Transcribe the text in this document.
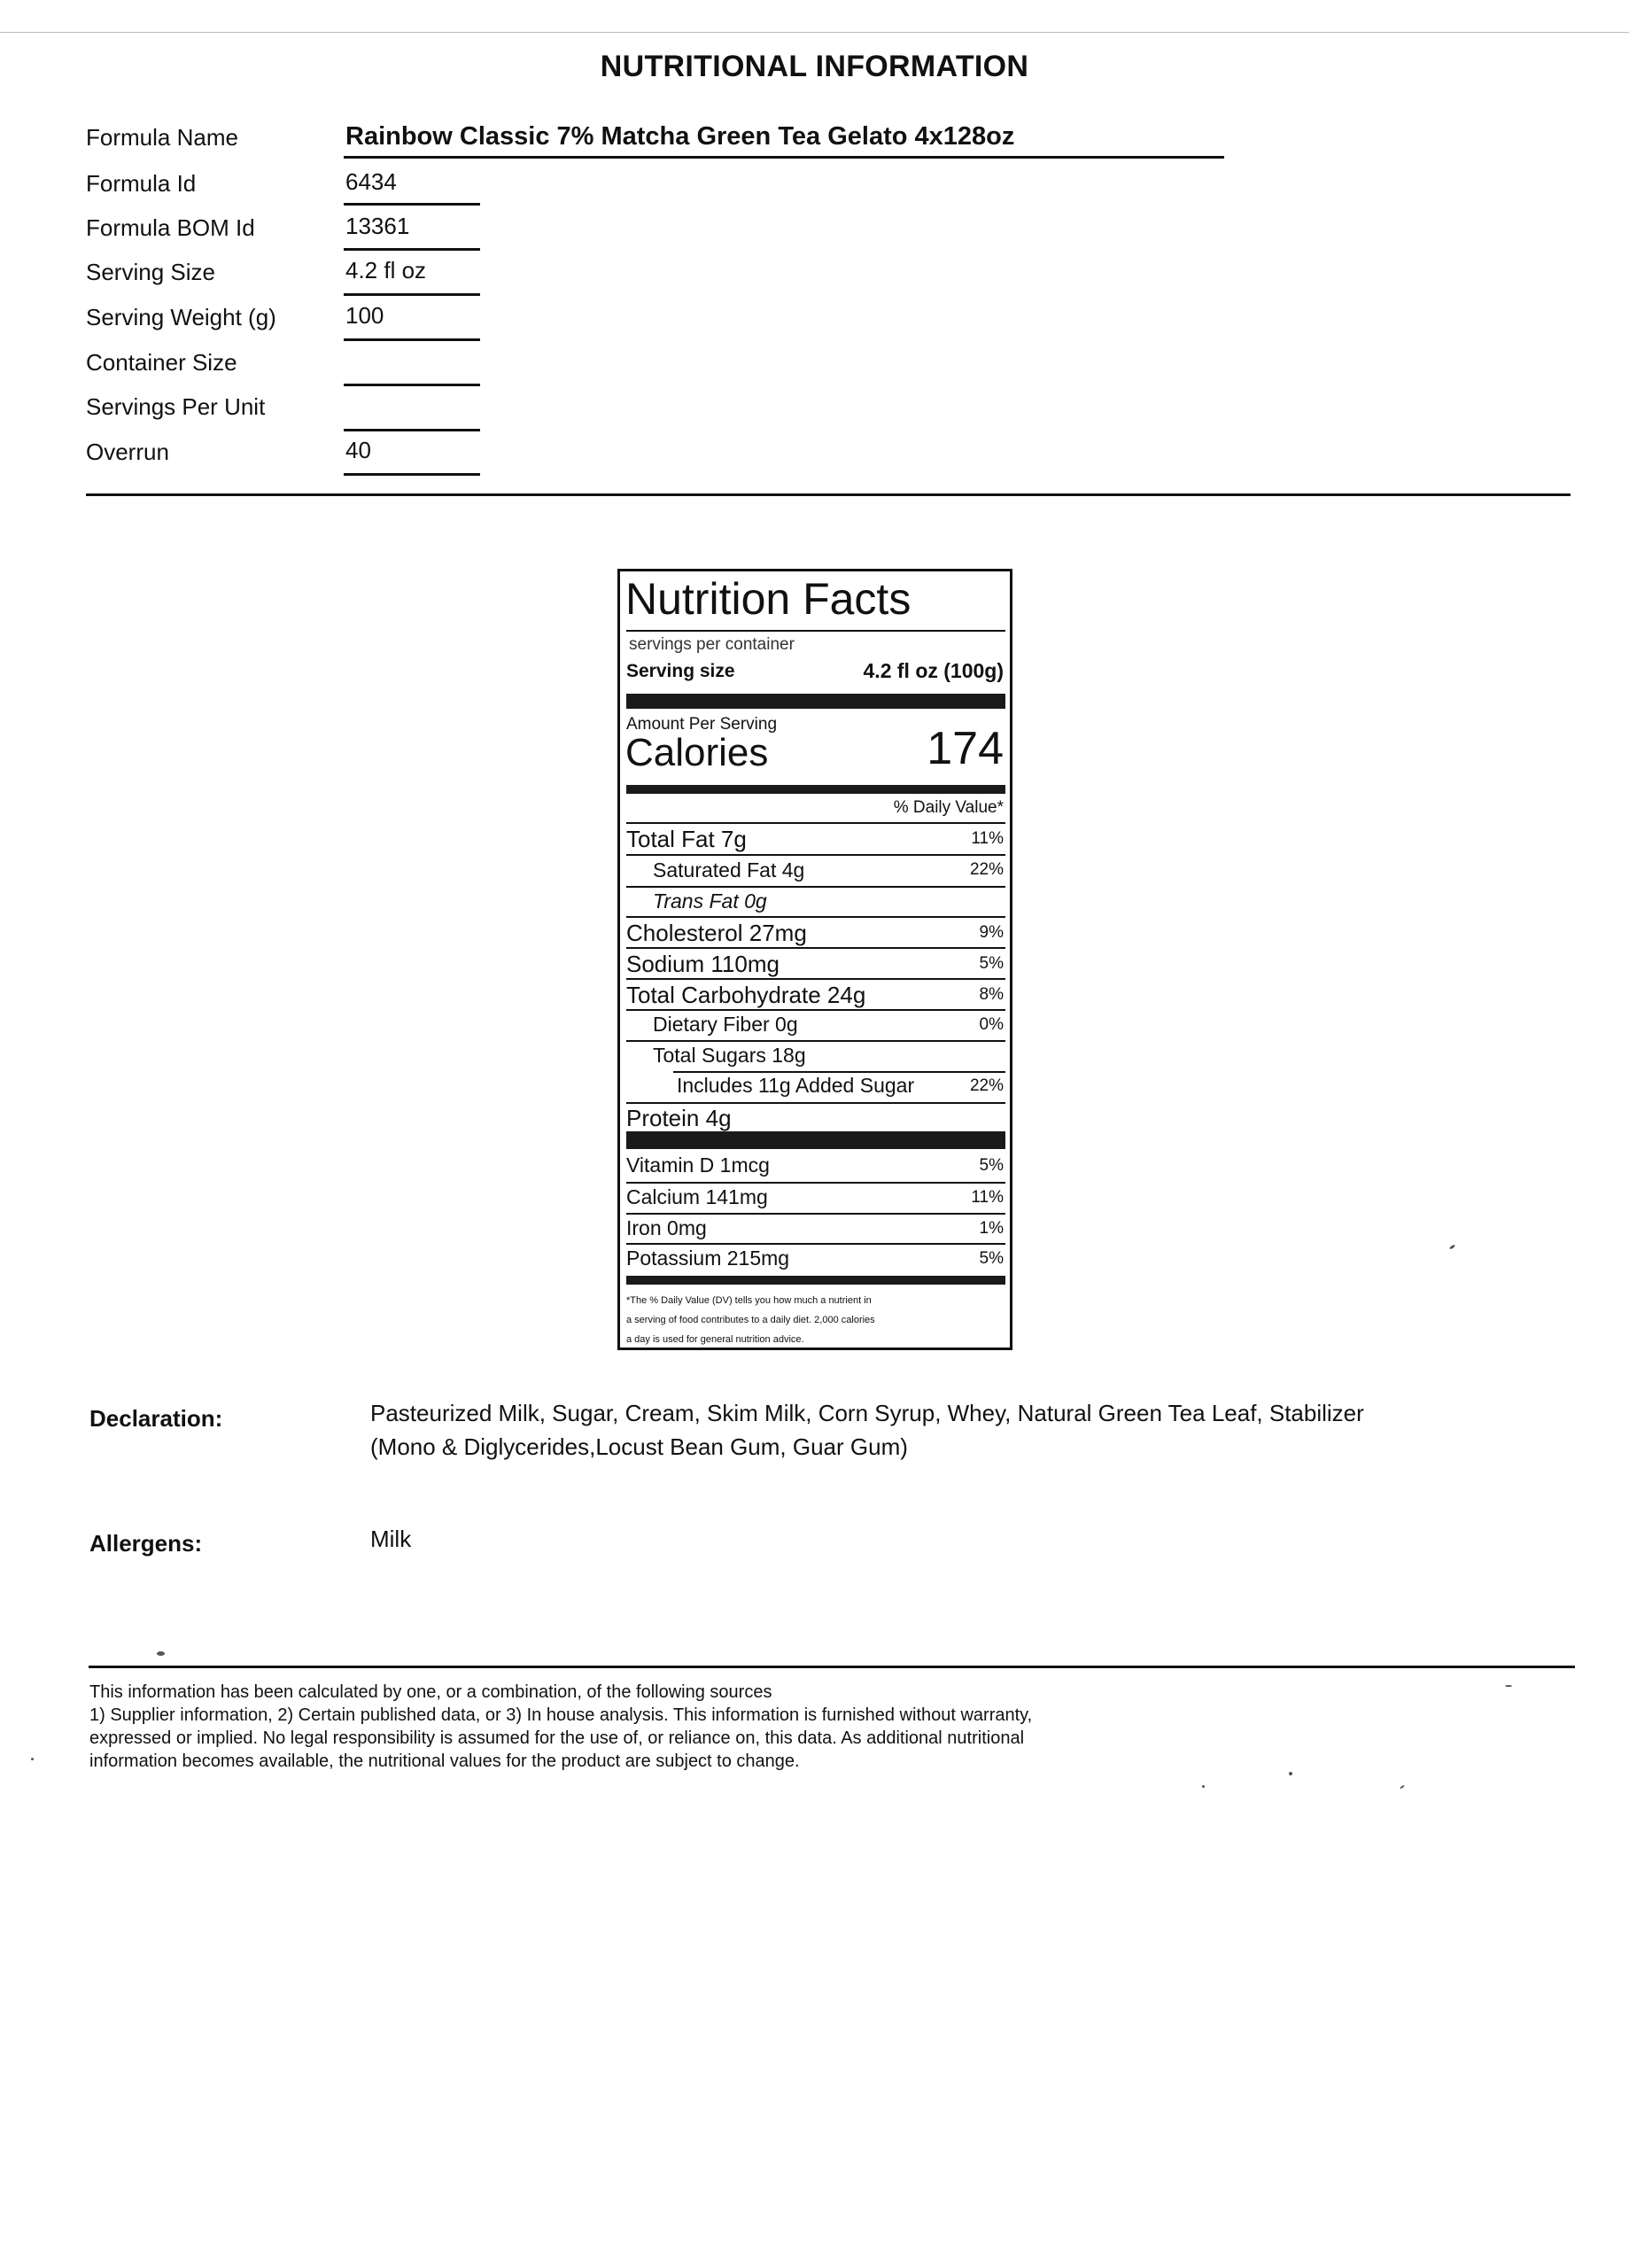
NUTRITIONAL INFORMATION
Formula Name	Rainbow Classic 7% Matcha Green Tea Gelato 4x128oz
Formula Id	6434
Formula BOM Id	13361
Serving Size	4.2 fl oz
Serving Weight (g)	100
Container Size
Servings Per Unit
Overrun	40
Nutrition Facts
servings per container
Serving size	4.2 fl oz (100g)
Amount Per Serving
Calories	174
% Daily Value*
Total Fat 7g	11%
Saturated Fat 4g	22%
Trans Fat 0g
Cholesterol 27mg	9%
Sodium 110mg	5%
Total Carbohydrate 24g	8%
Dietary Fiber 0g	0%
Total Sugars 18g
Includes 11g Added Sugar	22%
Protein 4g
Vitamin D 1mcg	5%
Calcium 141mg	11%
Iron 0mg	1%
Potassium 215mg	5%
*The % Daily Value (DV) tells you how much a nutrient in
a serving of food contributes to a daily diet. 2,000 calories
a day is used for general nutrition advice.
Declaration:	Pasteurized Milk, Sugar, Cream, Skim Milk, Corn Syrup, Whey, Natural Green Tea Leaf, Stabilizer
(Mono & Diglycerides,Locust Bean Gum, Guar Gum)
Allergens:	Milk
This information has been calculated by one, or a combination, of the following sources
1) Supplier information, 2) Certain published data, or 3) In house analysis. This information is furnished without warranty,
expressed or implied. No legal responsibility is assumed for the use of, or reliance on, this data. As additional nutritional
information becomes available, the nutritional values for the product are subject to change.
